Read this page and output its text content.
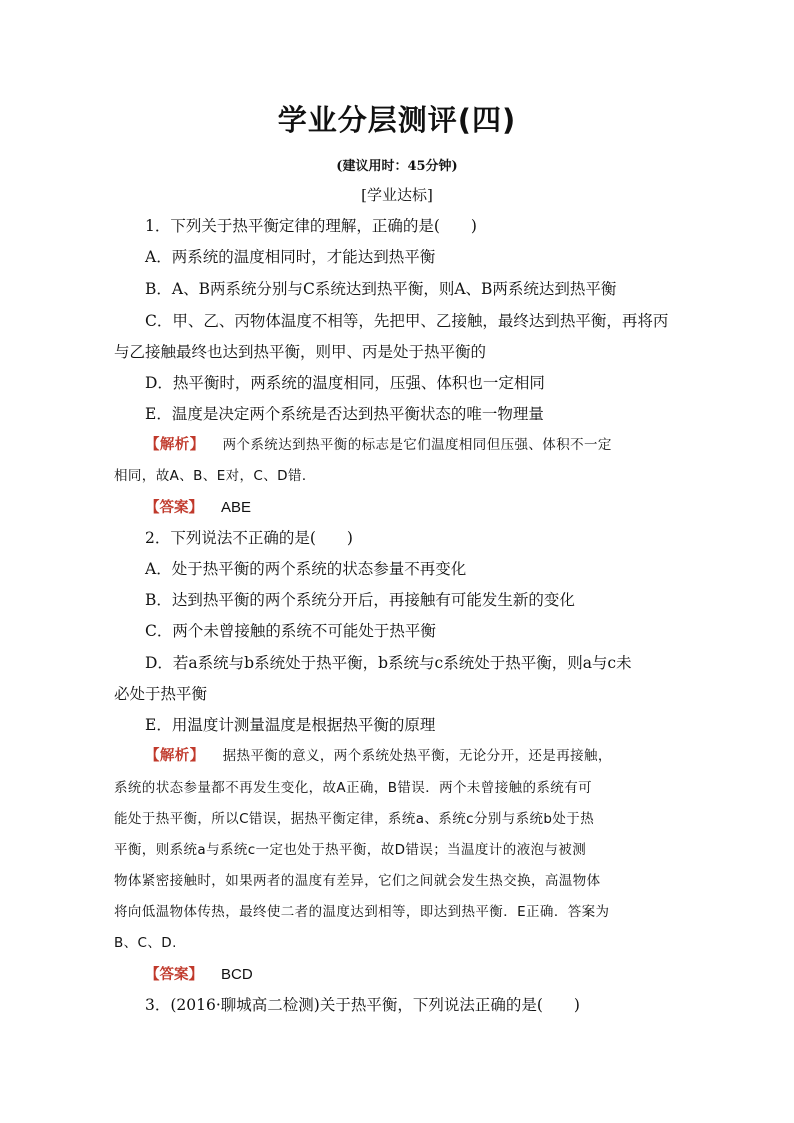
学业分层测评(四)
(建议用时：45分钟)
[学业达标]
1．下列关于热平衡定律的理解，正确的是(　　)
A．两系统的温度相同时，才能达到热平衡
B．A、B两系统分别与C系统达到热平衡，则A、B两系统达到热平衡
C．甲、乙、丙物体温度不相等，先把甲、乙接触，最终达到热平衡，再将丙
与乙接触最终也达到热平衡，则甲、丙是处于热平衡的
D．热平衡时，两系统的温度相同，压强、体积也一定相同
E．温度是决定两个系统是否达到热平衡状态的唯一物理量
【解析】 两个系统达到热平衡的标志是它们温度相同但压强、体积不一定
相同，故A、B、E对，C、D错．
【答案】 ABE
2．下列说法不正确的是(　　)
A．处于热平衡的两个系统的状态参量不再变化
B．达到热平衡的两个系统分开后，再接触有可能发生新的变化
C．两个未曾接触的系统不可能处于热平衡
D．若a系统与b系统处于热平衡，b系统与c系统处于热平衡，则a与c未
必处于热平衡
E．用温度计测量温度是根据热平衡的原理
【解析】 据热平衡的意义，两个系统处热平衡，无论分开，还是再接触，
系统的状态参量都不再发生变化，故A正确，B错误．两个未曾接触的系统有可
能处于热平衡，所以C错误，据热平衡定律，系统a、系统c分别与系统b处于热
平衡，则系统a与系统c一定也处于热平衡，故D错误；当温度计的液泡与被测
物体紧密接触时，如果两者的温度有差异，它们之间就会发生热交换，高温物体
将向低温物体传热，最终使二者的温度达到相等，即达到热平衡．E正确．答案为
B、C、D.
【答案】 BCD
3．(2016·聊城高二检测)关于热平衡，下列说法正确的是(　　)
